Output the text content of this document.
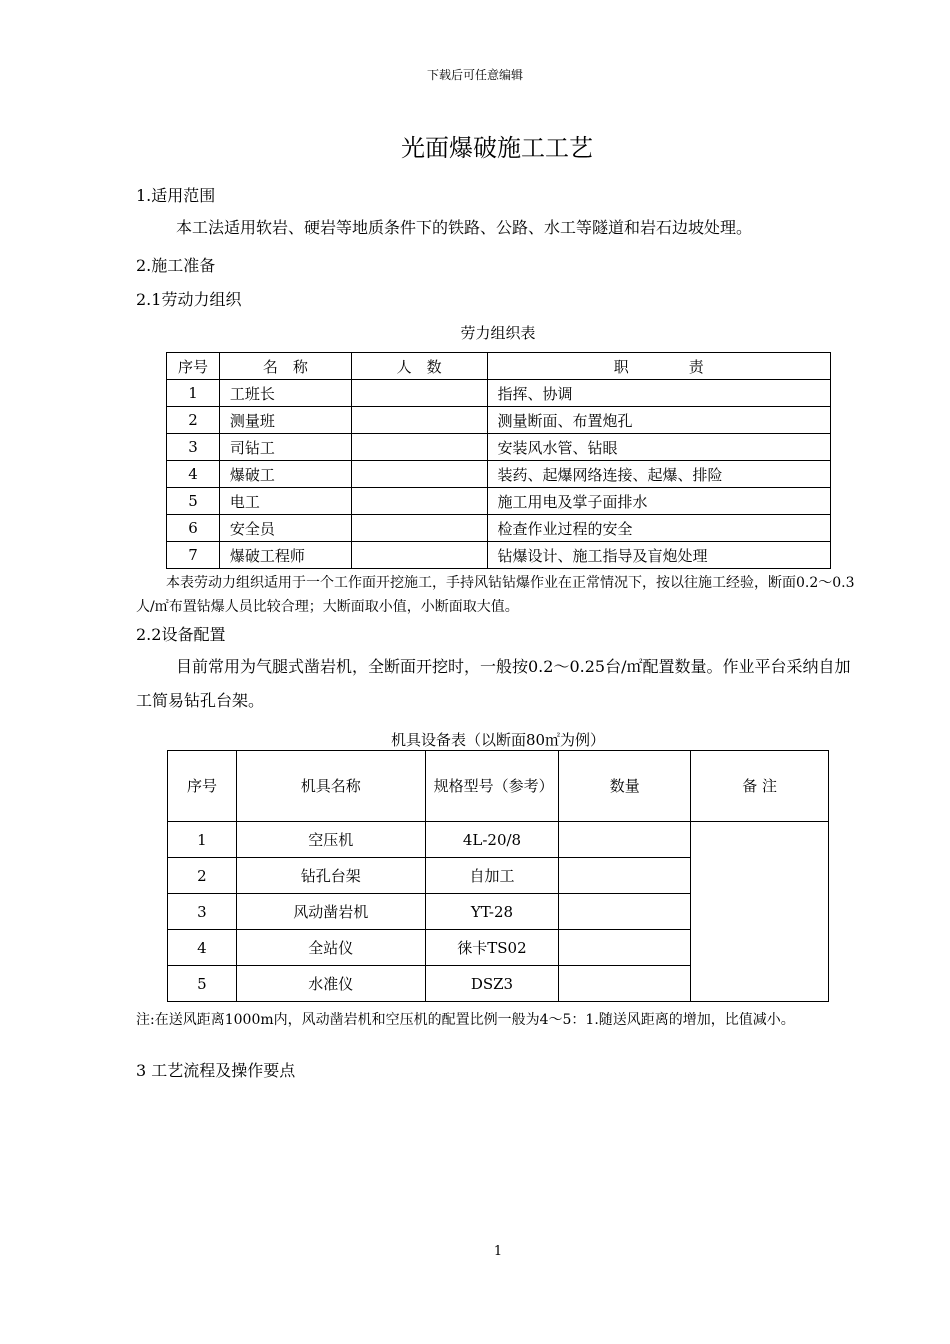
下载后可任意编辑
光面爆破施工工艺
1.适用范围
本工法适用软岩、硬岩等地质条件下的铁路、公路、水工等隧道和岩石边坡处理。
2.施工准备
2.1劳动力组织
劳力组织表
序号	名　称	人　数	职　　　　责
1	工班长		指挥、协调
2	测量班		测量断面、布置炮孔
3	司钻工		安装风水管、钻眼
4	爆破工		装药、起爆网络连接、起爆、排险
5	电工		施工用电及掌子面排水
6	安全员		检查作业过程的安全
7	爆破工程师		钻爆设计、施工指导及盲炮处理
本表劳动力组织适用于一个工作面开挖施工，手持风钻钻爆作业在正常情况下，按以往施工经验，断面0.2～0.3人/㎡布置钻爆人员比较合理；大断面取小值，小断面取大值。
2.2设备配置
目前常用为气腿式凿岩机，全断面开挖时，一般按0.2～0.25台/㎡配置数量。作业平台采纳自加工简易钻孔台架。
机具设备表（以断面80㎡为例）
序号	机具名称	规格型号（参考）	数量	备 注
1	空压机	4L-20/8		
2	钻孔台架	自加工		
3	风动凿岩机	YT-28		
4	全站仪	徕卡TS02		
5	水准仪	DSZ3		
注:在送风距离1000m内，风动凿岩机和空压机的配置比例一般为4～5：1.随送风距离的增加，比值减小。
3 工艺流程及操作要点
1
